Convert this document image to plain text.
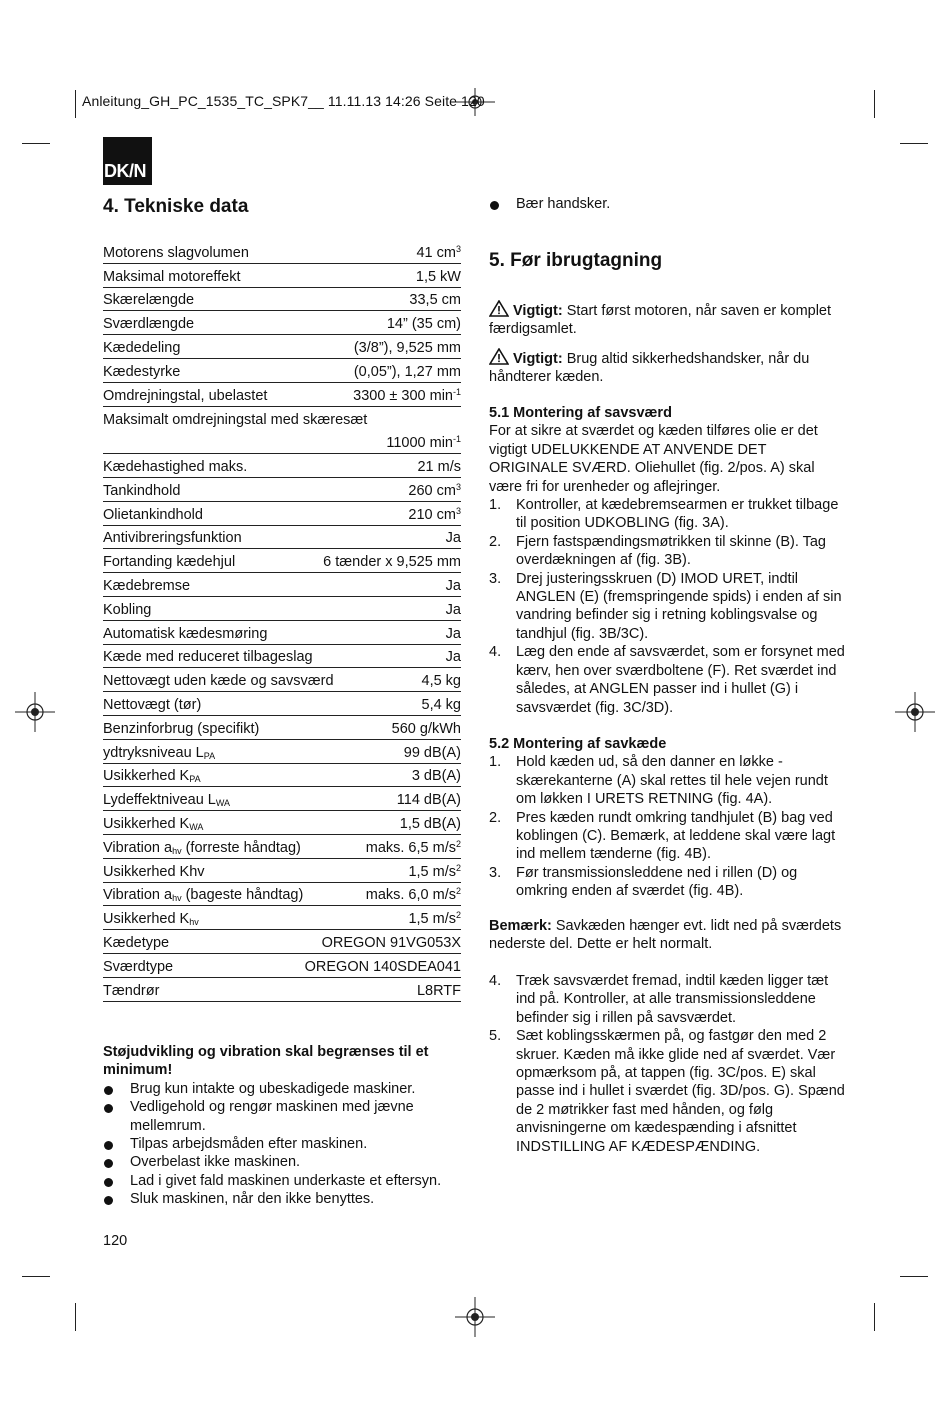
Anleitung_GH_PC_1535_TC_SPK7__ 11.11.13 14:26 Seite 120
DK/N
4. Tekniske data
Motorens slagvolumen	41 $cm^3$
Maksimal motoreffekt	1,5 kW
Skærelængde	33,5 cm
Sværdlængde	14” (35 cm)
Kædedeling	(3/8”), 9,525 mm
Kædestyrke	(0,05”), 1,27 mm
Omdrejningstal, ubelastet	3300 ± 300 $\min^{-1}$
Maksimalt omdrejningstal med skæresæt
11000 $\min^{-1}$
Kædehastighed maks.	21 m/s
Tankindhold	260 $cm^3$
Olietankindhold	210 $cm^3$
Antivibreringsfunktion	Ja
Fortanding kædehjul	6 tænder x 9,525 mm
Kædebremse	Ja
Kobling	Ja
Automatisk kædesmøring	Ja
Kæde med reduceret tilbageslag	Ja
Nettovægt uden kæde og savsværd	4,5 kg
Nettovægt (tør)	5,4 kg
Benzinforbrug (specifikt)	560 g/kWh
ydtryksniveau $L_{PA}$	99 dB(A)
Usikkerhed $K_{PA}$	3 dB(A)
Lydeffektniveau $L_{WA}$	114 dB(A)
Usikkerhed $K_{WA}$	1,5 dB(A)
Vibration $a_{hv}$ (forreste håndtag)	maks. 6,5 $m/s^2$
Usikkerhed Khv	1,5 $m/s^2$
Vibration $a_{hv}$ (bageste håndtag)	maks. 6,0 $m/s^2$
Usikkerhed $K_{hv}$	1,5 $m/s^2$
Kædetype	OREGON 91VG053X
Sværdtype	OREGON 140SDEA041
Tændrør	L8RTF

Støjudvikling og vibration skal begrænses til et minimum!

Brug kun intakte og ubeskadigede maskiner.
Vedligehold og rengør maskinen med jævne mellemrum.
Tilpas arbejdsmåden efter maskinen.
Overbelast ikke maskinen.
Lad i givet fald maskinen underkaste et eftersyn.
Sluk maskinen, når den ikke benyttes.
120
Bær handsker.
5. Før ibrugtagning

Vigtigt: Start først motoren, når saven er komplet færdigsamlet.

Vigtigt: Brug altid sikkerhedshandsker, når du håndterer kæden.

5.1 Montering af savsværd

For at sikre at sværdet og kæden tilføres olie er det vigtigt UDELUKKENDE AT ANVENDE DET ORIGINALE SVÆRD. Oliehullet (fig. 2/pos. A) skal være fri for urenheder og aflejringer.

1. Kontroller, at kædebremsearmen er trukket tilbage til position UDKOBLING (fig. 3A).
2. Fjern fastspændingsmøtrikken til skinne (B). Tag overdækningen af (fig. 3B).
3. Drej justeringsskruen (D) IMOD URET, indtil ANGLEN (E) (fremspringende spids) i enden af sin vandring befinder sig i retning koblingsvalse og tandhjul (fig. 3B/3C).
4. Læg den ende af savsværdet, som er forsynet med kærv, hen over sværdboltene (F). Ret sværdet ind således, at ANGLEN passer ind i hullet (G) i savsværdet (fig. 3C/3D).

5.2 Montering af savkæde

1. Hold kæden ud, så den danner en løkke - skærekanterne (A) skal rettes til hele vejen rundt om løkken I URETS RETNING (fig. 4A).
2. Pres kæden rundt omkring tandhjulet (B) bag ved koblingen (C). Bemærk, at leddene skal være lagt ind mellem tænderne (fig. 4B).
3. Før transmissionsleddene ned i rillen (D) og omkring enden af sværdet (fig. 4B).

Bemærk: Savkæden hænger evt. lidt ned på sværdets nederste del. Dette er helt normalt.

4. Træk savsværdet fremad, indtil kæden ligger tæt ind på. Kontroller, at alle transmissionsleddene befinder sig i rillen på savsværdet.
5. Sæt koblingsskærmen på, og fastgør den med 2 skruer. Kæden må ikke glide ned af sværdet. Vær opmærksom på, at tappen (fig. 3C/pos. E) skal passe ind i hullet i sværdet (fig. 3D/pos. G). Spænd de 2 møtrikker fast med hånden, og følg anvisningerne om kædespænding i afsnittet INDSTILLING AF KÆDESPÆNDING.
